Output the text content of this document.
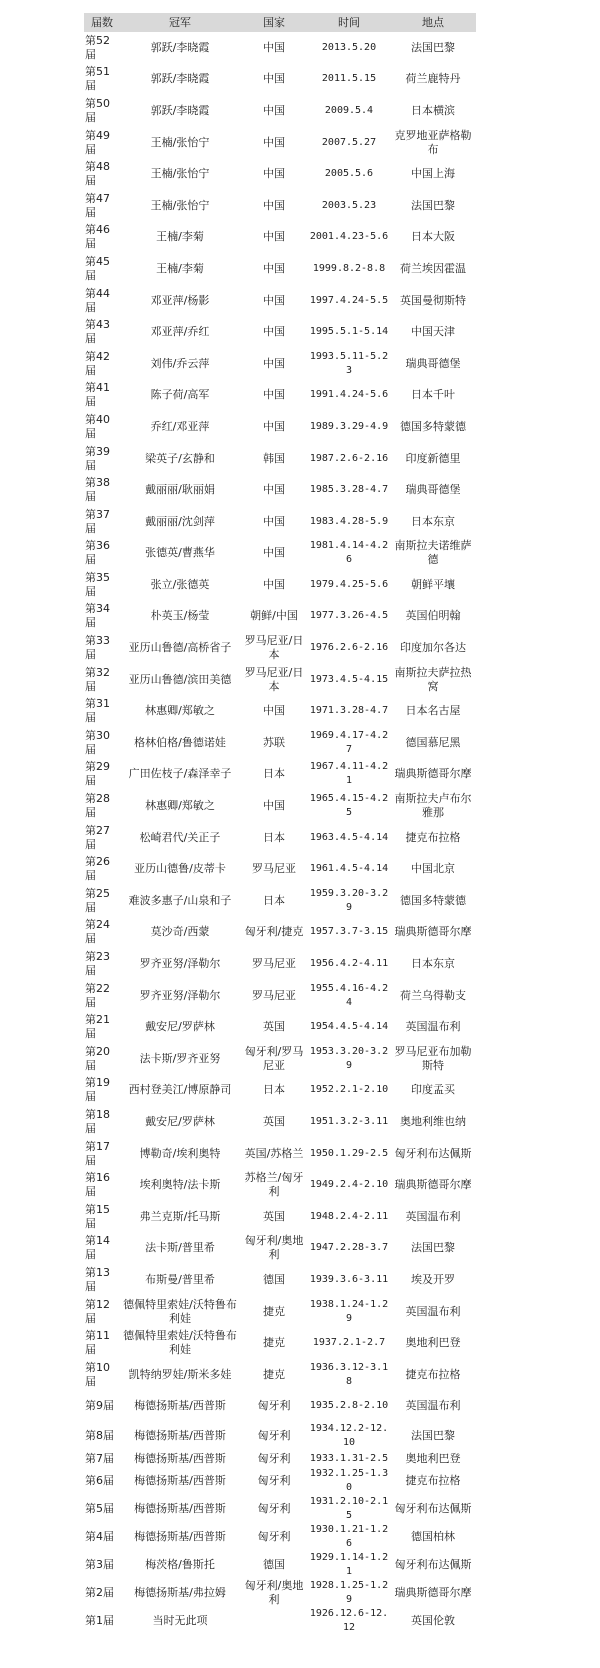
届数	冠军	国家	时间	地点
第52届	郭跃/李晓霞	中国	2013.5.20	法国巴黎
第51届	郭跃/李晓霞	中国	2011.5.15	荷兰鹿特丹
第50届	郭跃/李晓霞	中国	2009.5.4	日本横滨
第49届	王楠/张怡宁	中国	2007.5.27	克罗地亚萨格勒布
第48届	王楠/张怡宁	中国	2005.5.6	中国上海
第47届	王楠/张怡宁	中国	2003.5.23	法国巴黎
第46届	王楠/李菊	中国	2001.4.23-5.6	日本大阪
第45届	王楠/李菊	中国	1999.8.2-8.8	荷兰埃因霍温
第44届	邓亚萍/杨影	中国	1997.4.24-5.5	英国曼彻斯特
第43届	邓亚萍/乔红	中国	1995.5.1-5.14	中国天津
第42届	刘伟/乔云萍	中国	1993.5.11-5.23	瑞典哥德堡
第41届	陈子荷/高军	中国	1991.4.24-5.6	日本千叶
第40届	乔红/邓亚萍	中国	1989.3.29-4.9	德国多特蒙德
第39届	梁英子/玄静和	韩国	1987.2.6-2.16	印度新德里
第38届	戴丽丽/耿丽娟	中国	1985.3.28-4.7	瑞典哥德堡
第37届	戴丽丽/沈剑萍	中国	1983.4.28-5.9	日本东京
第36届	张德英/曹燕华	中国	1981.4.14-4.26	南斯拉夫诺维萨德
第35届	张立/张德英	中国	1979.4.25-5.6	朝鲜平壤
第34届	朴英玉/杨莹	朝鲜/中国	1977.3.26-4.5	英国伯明翰
第33届	亚历山鲁德/高桥省子	罗马尼亚/日本	1976.2.6-2.16	印度加尔各达
第32届	亚历山鲁德/滨田美德	罗马尼亚/日本	1973.4.5-4.15	南斯拉夫萨拉热窝
第31届	林惠卿/郑敏之	中国	1971.3.28-4.7	日本名古屋
第30届	格林伯格/鲁德诺娃	苏联	1969.4.17-4.27	德国慕尼黑
第29届	广田佐枝子/森泽幸子	日本	1967.4.11-4.21	瑞典斯德哥尔摩
第28届	林惠卿/郑敏之	中国	1965.4.15-4.25	南斯拉夫卢布尔雅那
第27届	松崎君代/关正子	日本	1963.4.5-4.14	捷克布拉格
第26届	亚历山德鲁/皮蒂卡	罗马尼亚	1961.4.5-4.14	中国北京
第25届	难波多惠子/山泉和子	日本	1959.3.20-3.29	德国多特蒙德
第24届	莫沙奇/西蒙	匈牙利/捷克	1957.3.7-3.15	瑞典斯德哥尔摩
第23届	罗齐亚努/泽勒尔	罗马尼亚	1956.4.2-4.11	日本东京
第22届	罗齐亚努/泽勒尔	罗马尼亚	1955.4.16-4.24	荷兰乌得勒支
第21届	戴安尼/罗萨林	英国	1954.4.5-4.14	英国温布利
第20届	法卡斯/罗齐亚努	匈牙利/罗马尼亚	1953.3.20-3.29	罗马尼亚布加勒斯特
第19届	西村登美江/博原静司	日本	1952.2.1-2.10	印度孟买
第18届	戴安尼/罗萨林	英国	1951.3.2-3.11	奥地利维也纳
第17届	博勒奇/埃利奥特	英国/苏格兰	1950.1.29-2.5	匈牙利布达佩斯
第16届	埃利奥特/法卡斯	苏格兰/匈牙利	1949.2.4-2.10	瑞典斯德哥尔摩
第15届	弗兰克斯/托马斯	英国	1948.2.4-2.11	英国温布利
第14届	法卡斯/普里希	匈牙利/奥地利	1947.2.28-3.7	法国巴黎
第13届	布斯曼/普里希	德国	1939.3.6-3.11	埃及开罗
第12届	德佩特里索娃/沃特鲁布利娃	捷克	1938.1.24-1.29	英国温布利
第11届	德佩特里索娃/沃特鲁布利娃	捷克	1937.2.1-2.7	奥地利巴登
第10届	凯特纳罗娃/斯米多娃	捷克	1936.3.12-3.18	捷克布拉格
第9届	梅德扬斯基/西普斯	匈牙利	1935.2.8-2.10	英国温布利
第8届	梅德扬斯基/西普斯	匈牙利	1934.12.2-12.10	法国巴黎
第7届	梅德扬斯基/西普斯	匈牙利	1933.1.31-2.5	奥地利巴登
第6届	梅德扬斯基/西普斯	匈牙利	1932.1.25-1.30	捷克布拉格
第5届	梅德扬斯基/西普斯	匈牙利	1931.2.10-2.15	匈牙利布达佩斯
第4届	梅德扬斯基/西普斯	匈牙利	1930.1.21-1.26	德国柏林
第3届	梅茨格/鲁斯托	德国	1929.1.14-1.21	匈牙利布达佩斯
第2届	梅德扬斯基/弗拉姆	匈牙利/奥地利	1928.1.25-1.29	瑞典斯德哥尔摩
第1届	当时无此项		1926.12.6-12.12	英国伦敦
